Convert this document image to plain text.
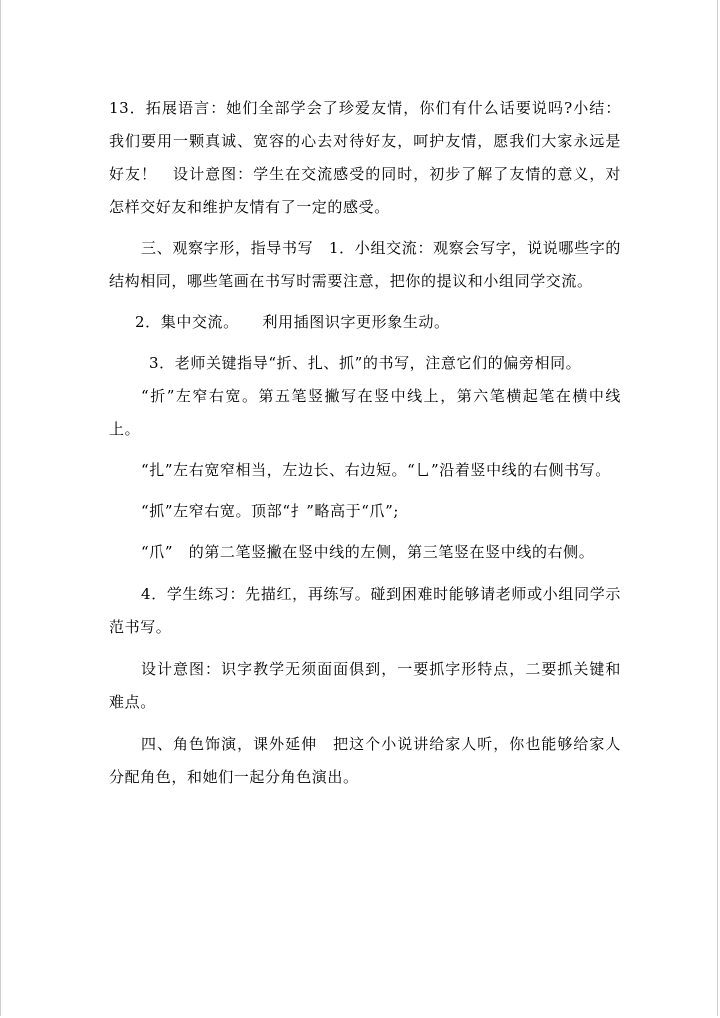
13．拓展语言：她们全部学会了珍爱友情，你们有什么话要说吗?小结：我们要用一颗真诚、宽容的心去对待好友，呵护友情，愿我们大家永远是好友！　设计意图：学生在交流感受的同时，初步了解了友情的意义，对怎样交好友和维护友情有了一定的感受。

三、观察字形，指导书写　1．小组交流：观察会写字，说说哪些字的结构相同，哪些笔画在书写时需要注意，把你的提议和小组同学交流。

2．集中交流。　　利用插图识字更形象生动。

3．老师关键指导“折、扎、抓”的书写，注意它们的偏旁相同。

“折”左窄右宽。第五笔竖撇写在竖中线上，第六笔横起笔在横中线上。

“扎”左右宽窄相当，左边长、右边短。“乚”沿着竖中线的右侧书写。

“抓”左窄右宽。顶部“扌”略高于“爪”;

“爪”　的第二笔竖撇在竖中线的左侧，第三笔竖在竖中线的右侧。

4．学生练习：先描红，再练写。碰到困难时能够请老师或小组同学示范书写。

设计意图：识字教学无须面面俱到，一要抓字形特点，二要抓关键和难点。

四、角色饰演，课外延伸　把这个小说讲给家人听，你也能够给家人分配角色，和她们一起分角色演出。
